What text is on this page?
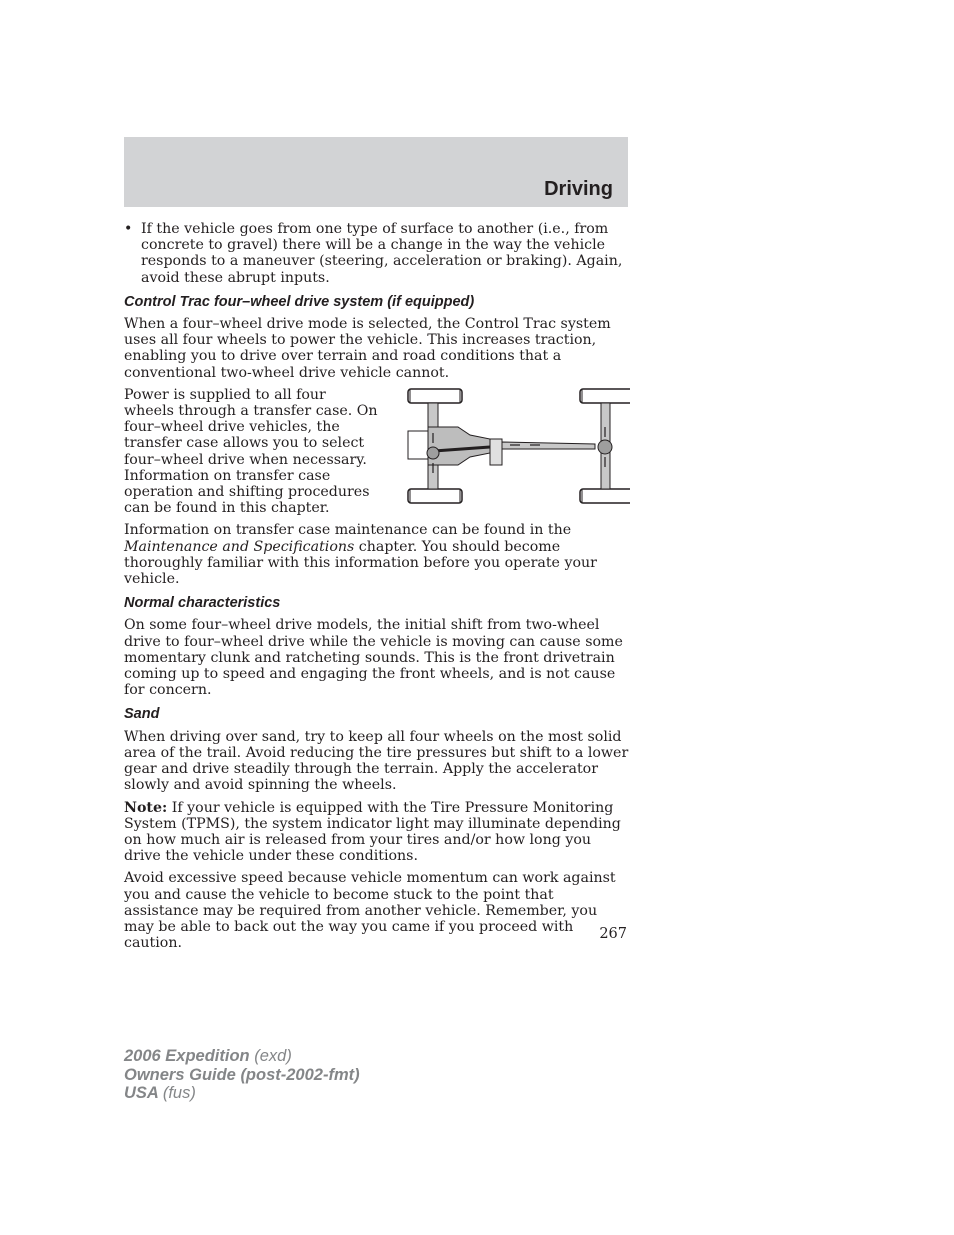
Driving
• If the vehicle goes from one type of surface to another (i.e., from concrete to gravel) there will be a change in the way the vehicle responds to a maneuver (steering, acceleration or braking). Again, avoid these abrupt inputs.
Control Trac four–wheel drive system (if equipped)

When a four–wheel drive mode is selected, the Control Trac system uses all four wheels to power the vehicle. This increases traction, enabling you to drive over terrain and road conditions that a conventional two-wheel drive vehicle cannot.

Power is supplied to all four wheels through a transfer case. On four–wheel drive vehicles, the transfer case allows you to select four–wheel drive when necessary. Information on transfer case operation and shifting procedures can be found in this chapter.

Information on transfer case maintenance can be found in the Maintenance and Specifications chapter. You should become thoroughly familiar with this information before you operate your vehicle.

Normal characteristics

On some four–wheel drive models, the initial shift from two-wheel drive to four–wheel drive while the vehicle is moving can cause some momentary clunk and ratcheting sounds. This is the front drivetrain coming up to speed and engaging the front wheels, and is not cause for concern.

Sand

When driving over sand, try to keep all four wheels on the most solid area of the trail. Avoid reducing the tire pressures but shift to a lower gear and drive steadily through the terrain. Apply the accelerator slowly and avoid spinning the wheels.

Note: If your vehicle is equipped with the Tire Pressure Monitoring System (TPMS), the system indicator light may illuminate depending on how much air is released from your tires and/or how long you drive the vehicle under these conditions.

Avoid excessive speed because vehicle momentum can work against you and cause the vehicle to become stuck to the point that assistance may be required from another vehicle. Remember, you may be able to back out the way you came if you proceed with caution.

267
2006 Expedition (exd)
Owners Guide (post-2002-fmt)
USA (fus)
